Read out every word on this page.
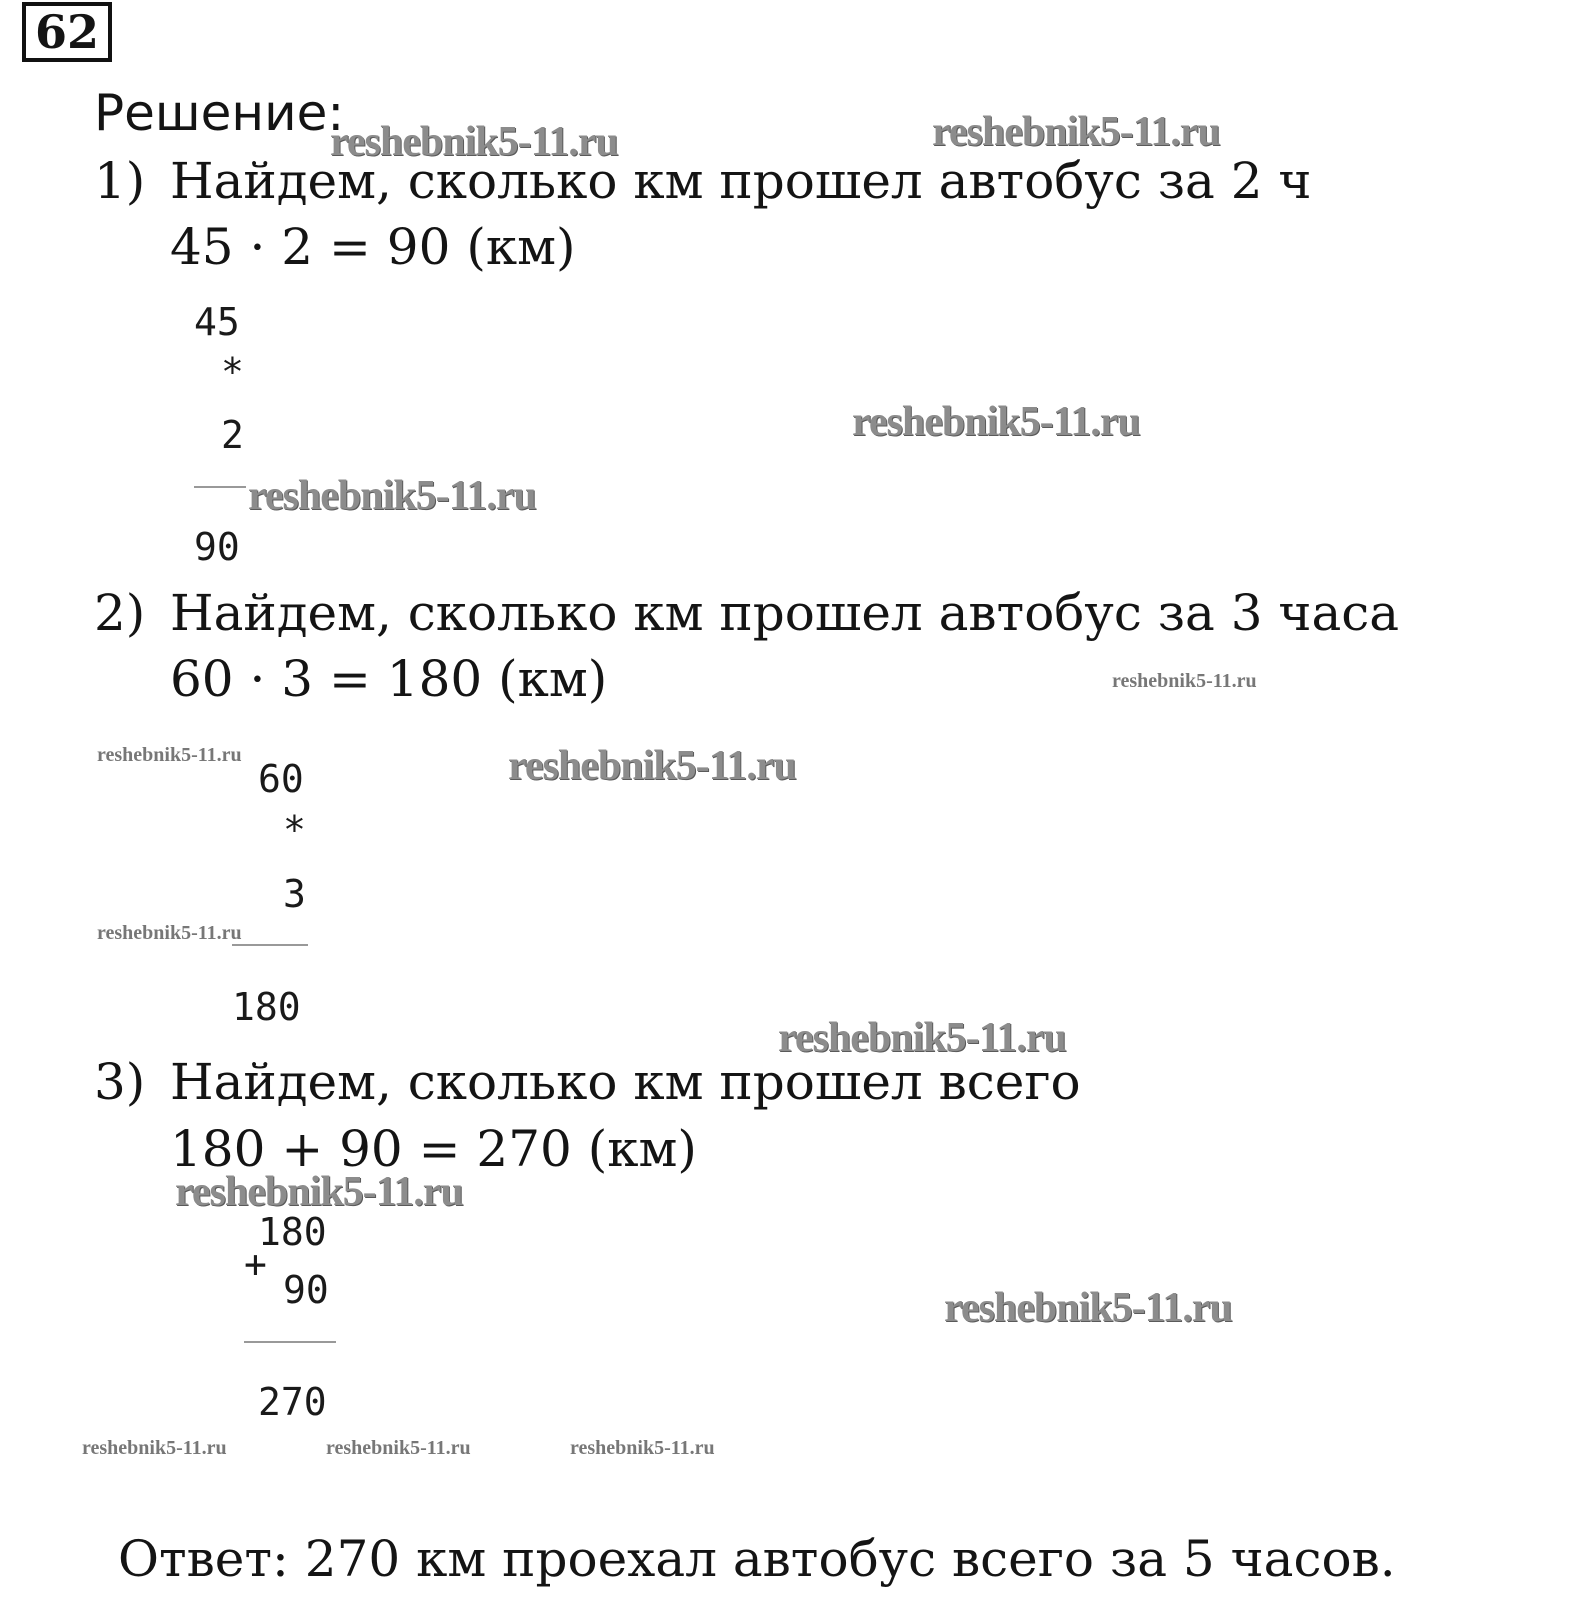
62
Решение:
1) Найдем, сколько км прошел автобус за 2 ч
45 · 2 = 90 (км)
45
*
2
90
2) Найдем, сколько км прошел автобус за 3 часа
60 · 3 = 180 (км)
60
*
3
180
3) Найдем, сколько км прошел всего
180 + 90 = 270 (км)
180
+
90
270
Ответ: 270 км проехал автобус всего за 5 часов.
reshebnik5-11.ru	reshebnik5-11.ru
reshebnik5-11.ru
reshebnik5-11.ru
reshebnik5-11.ru
reshebnik5-11.ru	reshebnik5-11.ru
reshebnik5-11.ru
reshebnik5-11.ru
reshebnik5-11.ru
reshebnik5-11.ru
reshebnik5-11.ru	reshebnik5-11.ru	reshebnik5-11.ru
